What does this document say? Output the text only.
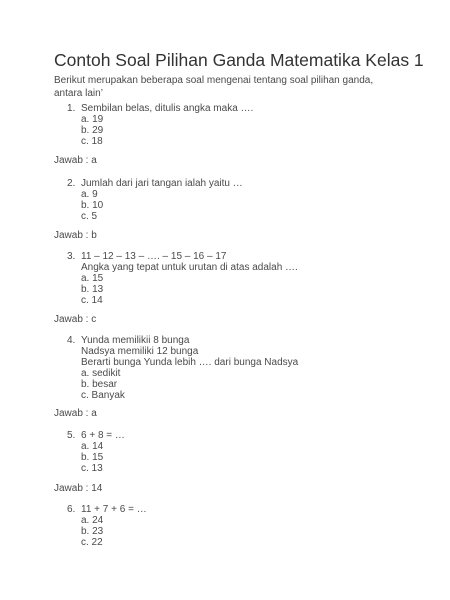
Contoh Soal Pilihan Ganda Matematika Kelas 1

Berikut merupakan beberapa soal mengenai tentang soal pilihan ganda, antara lain’

1. Sembilan belas, ditulis angka maka ….
a. 19
b. 29
c. 18
Jawab : a
2. Jumlah dari jari tangan ialah yaitu …
a. 9
b. 10
c. 5
Jawab : b
3. 11 – 12 – 13 – …. – 15 – 16 – 17
Angka yang tepat untuk urutan di atas adalah ….
a. 15
b. 13
c. 14
Jawab : c
4. Yunda memilikii 8 bunga
Nadsya memiliki 12 bunga
Berarti bunga Yunda lebih …. dari bunga Nadsya
a. sedikit
b. besar
c. Banyak
Jawab : a
5. 6 + 8 = …
a. 14
b. 15
c. 13
Jawab : 14
6. 11 + 7 + 6 = …
a. 24
b. 23
c. 22
